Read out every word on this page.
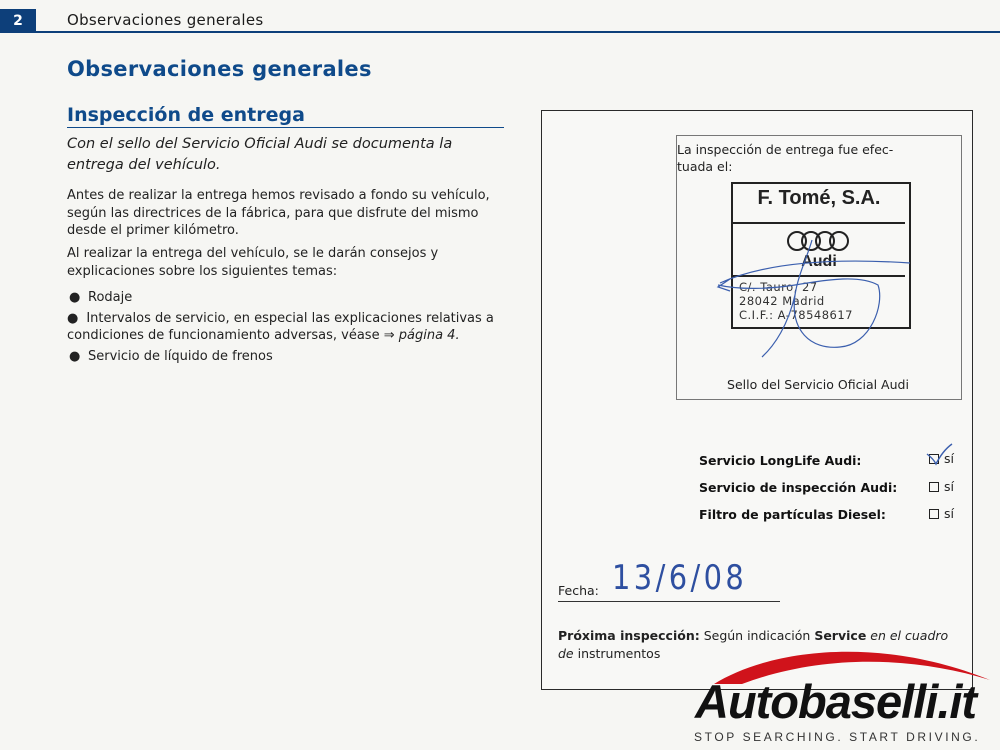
2	Observaciones generales
Observaciones generales
Inspección de entrega
Con el sello del Servicio Oficial Audi se documenta la entrega del vehículo.
Antes de realizar la entrega hemos revisado a fondo su vehículo, según las directrices de la fábrica, para que disfrute del mismo desde el primer kilómetro.
Al realizar la entrega del vehículo, se le darán consejos y explicaciones sobre los siguientes temas:
● Rodaje
● Intervalos de servicio, en especial las explicaciones relativas a condiciones de funcionamiento adversas, véase ⇒ página 4.
● Servicio de líquido de frenos
La inspección de entrega fue efec-
tuada el:
F. Tomé, S.A.
Audi
C/. Tauro, 27
28042 Madrid
C.I.F.: A-78548617
Sello del Servicio Oficial Audi
Servicio LongLife Audi:	sí
Servicio de inspección Audi:	sí
Filtro de partículas Diesel:	sí
Fecha: 13/6/08
Próxima inspección: Según indicación Service en el cuadro de instrumentos
Autobaselli.it
STOP SEARCHING. START DRIVING.
